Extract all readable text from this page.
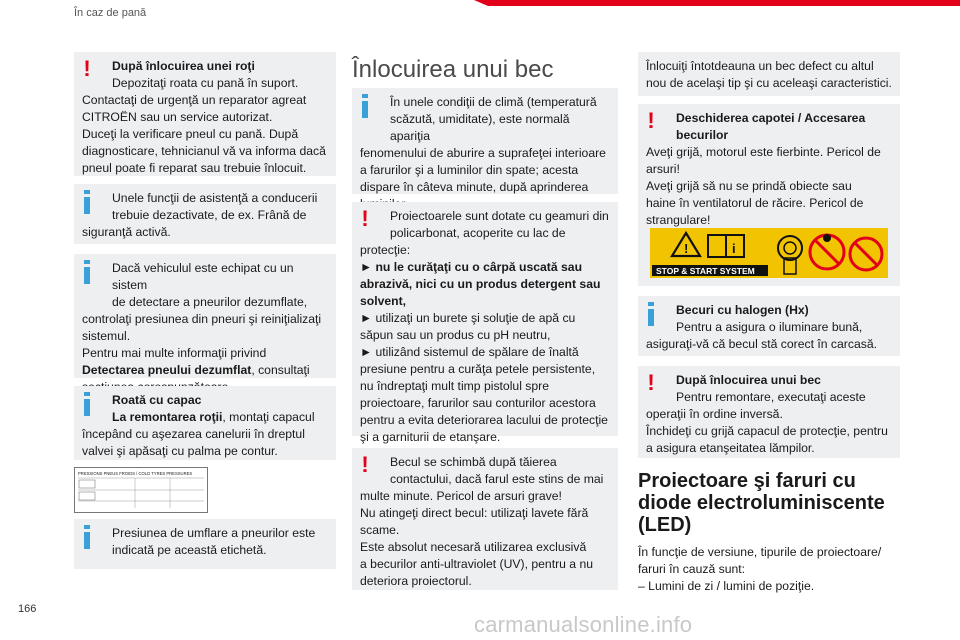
În caz de pană
!	După înlocuirea unei roţi

Depozitaţi roata cu pană în suport.

Contactaţi de urgenţă un reparator agreat

CITROËN sau un service autorizat.

Duceţi la verificare pneul cu pană. După

diagnosticare, tehnicianul vă va informa dacă

pneul poate fi reparat sau trebuie înlocuit.

Unele funcţii de asistenţă a conducerii

trebuie dezactivate, de ex. Frână de

siguranţă activă.

Dacă vehiculul este echipat cu un sistem

de detectare a pneurilor dezumflate,

controlaţi presiunea din pneuri şi reiniţializaţi

sistemul.

Pentru mai multe informaţii privind

Detectarea pneului dezumflat, consultaţi

Roată cu capac

La remontarea roţii, montaţi capacul

începând cu aşezarea canelurii în dreptul

valvei şi apăsaţi cu palma pe contur.

PRESSIONS PNEUS FROIDS / COLD TYRES PRESSURES

Presiunea de umflare a pneurilor este

indicată pe această etichetă.

Înlocuirea unui bec

În unele condiţii de climă (temperatură

scăzută, umiditate), este normală apariţia

fenomenului de aburire a suprafeţei interioare

a farurilor şi a luminilor din spate; acesta

dispare în câteva minute, după aprinderea

!	Proiectoarele sunt dotate cu geamuri din

policarbonat, acoperite cu lac de

protecţie:

► nu le curăţaţi cu o cârpă uscată sau

abrazivă, nici cu un produs detergent sau

solvent,

► utilizaţi un burete şi soluţie de apă cu

săpun sau un produs cu pH neutru,

► utilizând sistemul de spălare de înaltă

presiune pentru a curăţa petele persistente,

nu îndreptaţi mult timp pistolul spre

proiectoare, farurilor sau conturilor acestora

pentru a evita deteriorarea lacului de protecţie

şi a garniturii de etanşare.

!	Becul se schimbă după tăierea

contactului, dacă farul este stins de mai

multe minute. Pericol de arsuri grave!

Nu atingeţi direct becul: utilizaţi lavete fără

scame.

Este absolut necesară utilizarea exclusivă

a becurilor anti-ultraviolet (UV), pentru a nu

deteriora proiectorul.

Înlocuiţi întotdeauna un bec defect cu altul

nou de acelaşi tip şi cu aceleaşi caracteristici.

!	Deschiderea capotei / Accesarea

becurilor

Aveţi grijă, motorul este fierbinte. Pericol de

arsuri!

Aveţi grijă să nu se prindă obiecte sau

haine în ventilatorul de răcire. Pericol de

strangulare!

!	i
STOP & START SYSTEM

Becuri cu halogen (Hx)

Pentru a asigura o iluminare bună,

asiguraţi-vă că becul stă corect în carcasă.

!	După înlocuirea unui bec

Pentru remontare, executaţi aceste

operaţii în ordine inversă.

Închideţi cu grijă capacul de protecţie, pentru

a asigura etanşeitatea lămpilor.

Proiectoare şi faruri cu
diode electroluminiscente
(LED)

În funcţie de versiune, tipurile de proiectoare/

faruri în cauză sunt:

– Lumini de zi / lumini de poziţie.

166
carmanualsonline.info
